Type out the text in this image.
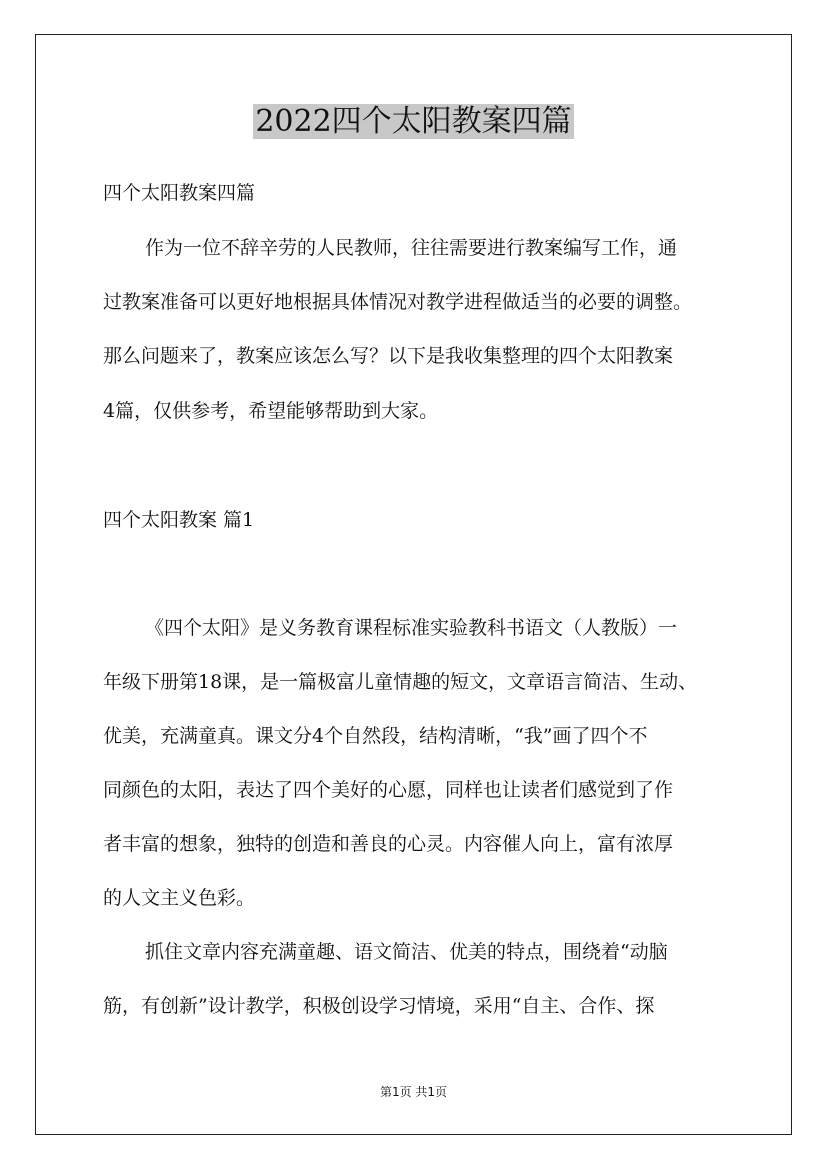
2022四个太阳教案四篇

四个太阳教案四篇

作为一位不辞辛劳的人民教师，往往需要进行教案编写工作，通

过教案准备可以更好地根据具体情况对教学进程做适当的必要的调整。

那么问题来了，教案应该怎么写？以下是我收集整理的四个太阳教案

4篇，仅供参考，希望能够帮助到大家。

四个太阳教案 篇1

《四个太阳》是义务教育课程标准实验教科书语文（人教版）一

年级下册第18课，是一篇极富儿童情趣的短文，文章语言简洁、生动、

优美，充满童真。课文分4个自然段，结构清晰，“我”画了四个不

同颜色的太阳，表达了四个美好的心愿，同样也让读者们感觉到了作

者丰富的想象，独特的创造和善良的心灵。内容催人向上，富有浓厚

的人文主义色彩。

抓住文章内容充满童趣、语文简洁、优美的特点，围绕着“动脑

筋，有创新”设计教学，积极创设学习情境，采用“自主、合作、探

第1页 共1页
